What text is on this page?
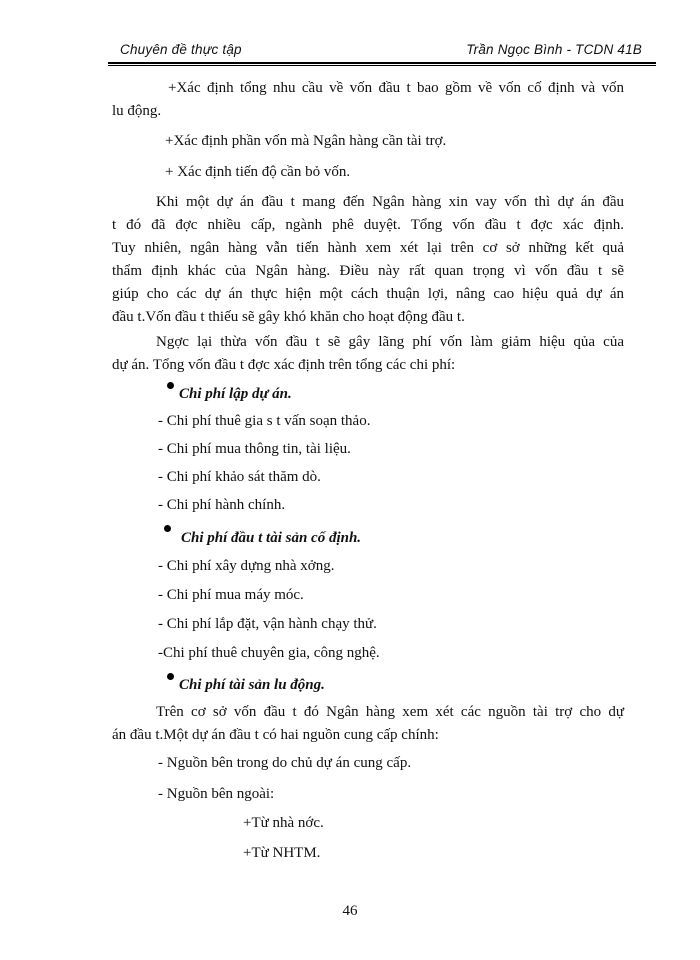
Chuyên đề thực tập	Trần Ngọc Bình - TCDN 41B
+Xác định tổng nhu cầu về vốn đầu t bao gồm về vốn cố định và vốn
lu động.
+Xác định phần vốn mà Ngân hàng cần tài trợ.
+ Xác định tiến độ cần bỏ vốn.
Khi một dự án đầu t mang đến Ngân hàng xin vay vốn thì dự án đầu
t đó đã đợc nhiều cấp, ngành phê duyệt. Tổng vốn đầu t đợc xác định.
Tuy nhiên, ngân hàng vẫn tiến hành xem xét lại trên cơ sở những kết quả
thẩm định khác của Ngân hàng. Điều này rất quan trọng vì vốn đầu t sẽ
giúp cho các dự án thực hiện một cách thuận lợi, nâng cao hiệu quả dự án
đầu t.Vốn đầu t thiếu sẽ gây khó khăn cho hoạt động đầu t.
Ngợc lại thừa vốn đầu t sẽ gây lãng phí vốn làm giảm hiệu qủa của
dự án. Tổng vốn đầu t đợc xác định trên tổng các chi phí:
Chi phí lập dự án.
- Chi phí thuê gia s t vấn soạn thảo.
- Chi phí mua thông tin, tài liệu.
- Chi phí khảo sát thăm dò.
- Chi phí hành chính.
Chi phí đầu t tài sản cố định.
- Chi phí xây dựng nhà xởng.
- Chi phí mua máy móc.
- Chi phí lắp đặt, vận hành chạy thử.
-Chi phí thuê chuyên gia, công nghệ.
Chi phí tài sản lu động.
Trên cơ sở vốn đầu t đó Ngân hàng xem xét các nguồn tài trợ cho dự
án đầu t.Một dự án đầu t có hai nguồn cung cấp chính:
- Nguồn bên trong do chủ dự án cung cấp.
- Nguồn bên ngoài:
+Từ nhà nớc.
+Từ NHTM.
46
